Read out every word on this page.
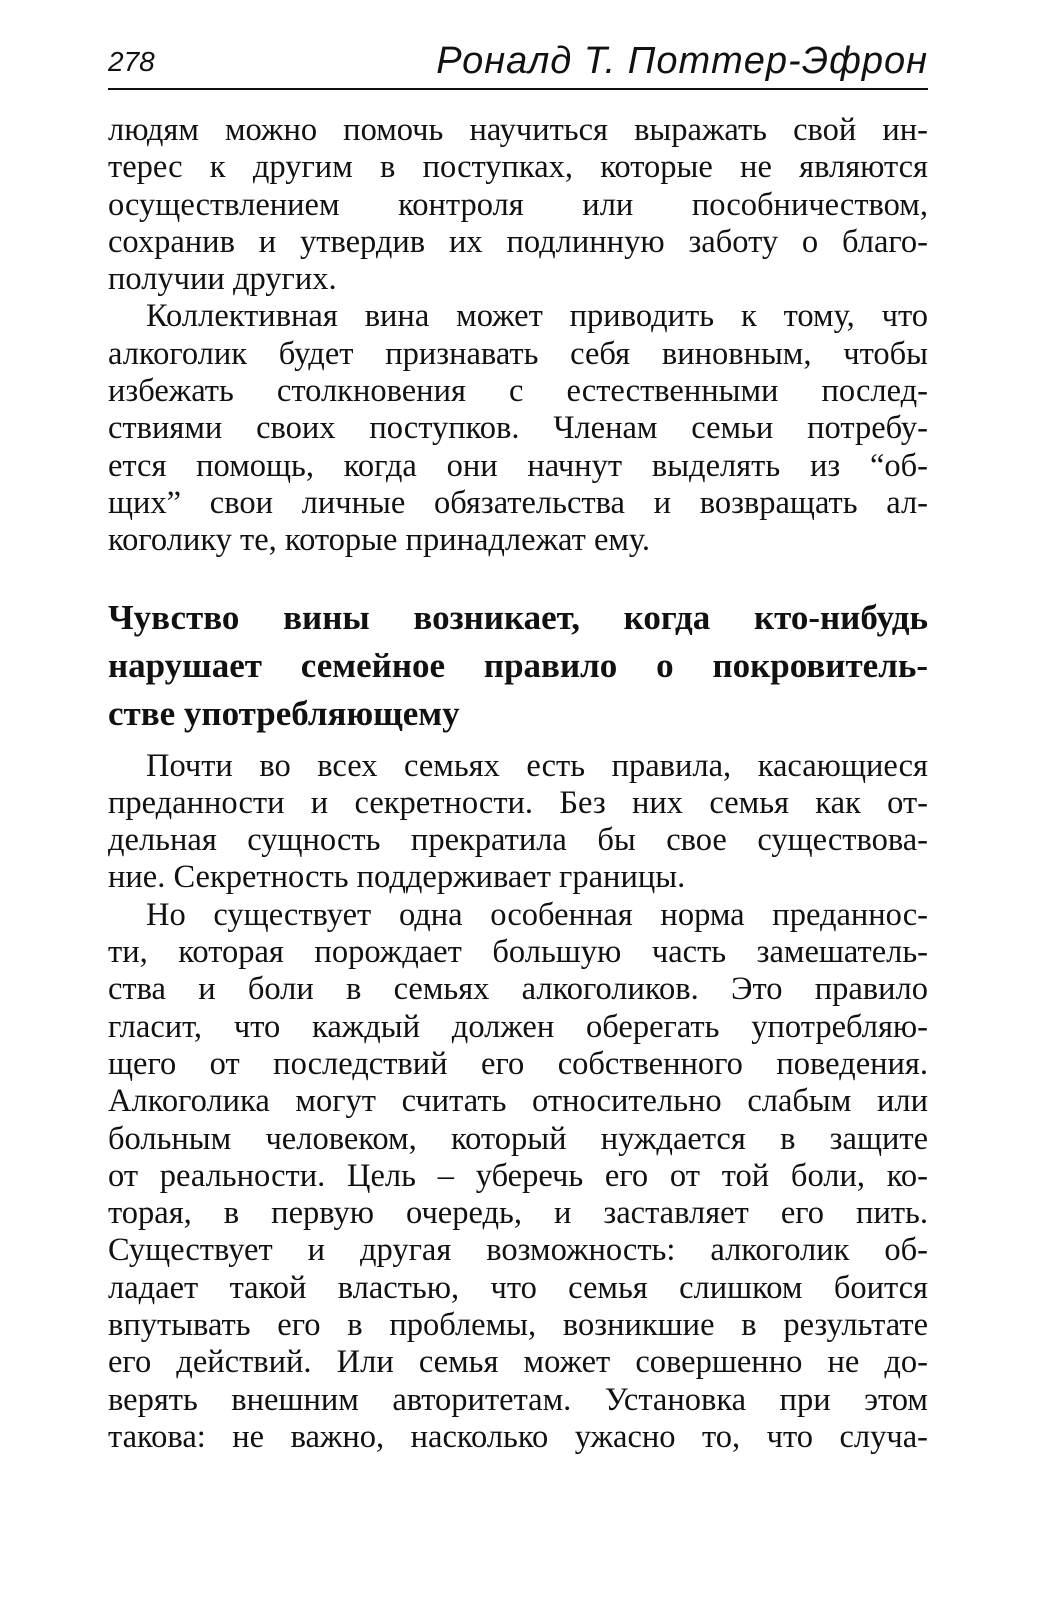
278	Роналд Т. Поттер-Эфрон

людям можно помочь научиться выражать свой ин-
терес к другим в поступках, которые не являются
осуществлением контроля или пособничеством,
сохранив и утвердив их подлинную заботу о благо-
получии других.

Коллективная вина может приводить к тому, что
алкоголик будет признавать себя виновным, чтобы
избежать столкновения с естественными послед-
ствиями своих поступков. Членам семьи потребу-
ется помощь, когда они начнут выделять из “об-
щих” свои личные обязательства и возвращать ал-
коголику те, которые принадлежат ему.

Чувство вины возникает, когда кто-нибудь
нарушает семейное правило о покровитель-
стве употребляющему

Почти во всех семьях есть правила, касающиеся
преданности и секретности. Без них семья как от-
дельная сущность прекратила бы свое существова-
ние. Секретность поддерживает границы.

Но существует одна особенная норма преданнос-
ти, которая порождает большую часть замешатель-
ства и боли в семьях алкоголиков. Это правило
гласит, что каждый должен оберегать употребляю-
щего от последствий его собственного поведения.
Алкоголика могут считать относительно слабым или
больным человеком, который нуждается в защите
от реальности. Цель – уберечь его от той боли, ко-
торая, в первую очередь, и заставляет его пить.
Существует и другая возможность: алкоголик об-
ладает такой властью, что семья слишком боится
впутывать его в проблемы, возникшие в результате
его действий. Или семья может совершенно не до-
верять внешним авторитетам. Установка при этом
такова: не важно, насколько ужасно то, что случа-
